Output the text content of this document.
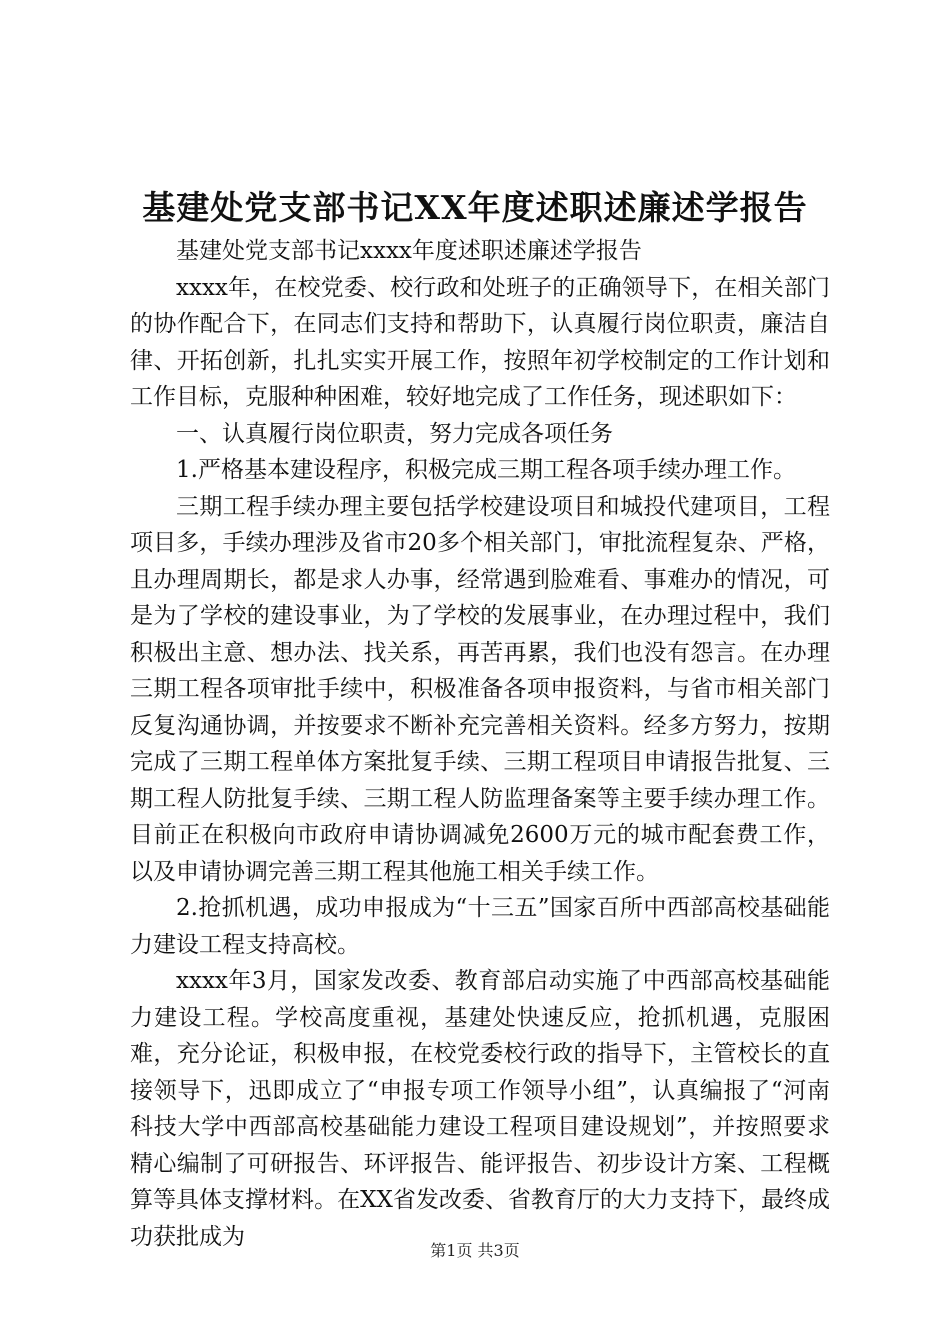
基建处党支部书记XX年度述职述廉述学报告

基建处党支部书记xxxx年度述职述廉述学报告

xxxx年，在校党委、校行政和处班子的正确领导下，在相关部门的协作配合下，在同志们支持和帮助下，认真履行岗位职责，廉洁自律、开拓创新，扎扎实实开展工作，按照年初学校制定的工作计划和工作目标，克服种种困难，较好地完成了工作任务，现述职如下：

一、认真履行岗位职责，努力完成各项任务

1.严格基本建设程序，积极完成三期工程各项手续办理工作。

三期工程手续办理主要包括学校建设项目和城投代建项目，工程项目多，手续办理涉及省市20多个相关部门，审批流程复杂、严格，且办理周期长，都是求人办事，经常遇到脸难看、事难办的情况，可是为了学校的建设事业，为了学校的发展事业，在办理过程中，我们积极出主意、想办法、找关系，再苦再累，我们也没有怨言。在办理三期工程各项审批手续中，积极准备各项申报资料，与省市相关部门反复沟通协调，并按要求不断补充完善相关资料。经多方努力，按期完成了三期工程单体方案批复手续、三期工程项目申请报告批复、三期工程人防批复手续、三期工程人防监理备案等主要手续办理工作。目前正在积极向市政府申请协调减免2600万元的城市配套费工作，以及申请协调完善三期工程其他施工相关手续工作。

2.抢抓机遇，成功申报成为“十三五”国家百所中西部高校基础能力建设工程支持高校。

xxxx年3月，国家发改委、教育部启动实施了中西部高校基础能力建设工程。学校高度重视，基建处快速反应，抢抓机遇，克服困难，充分论证，积极申报，在校党委校行政的指导下，主管校长的直接领导下，迅即成立了“申报专项工作领导小组”，认真编报了“河南科技大学中西部高校基础能力建设工程项目建设规划”，并按照要求精心编制了可研报告、环评报告、能评报告、初步设计方案、工程概算等具体支撑材料。在XX省发改委、省教育厅的大力支持下，最终成功获批成为

第1页 共3页
